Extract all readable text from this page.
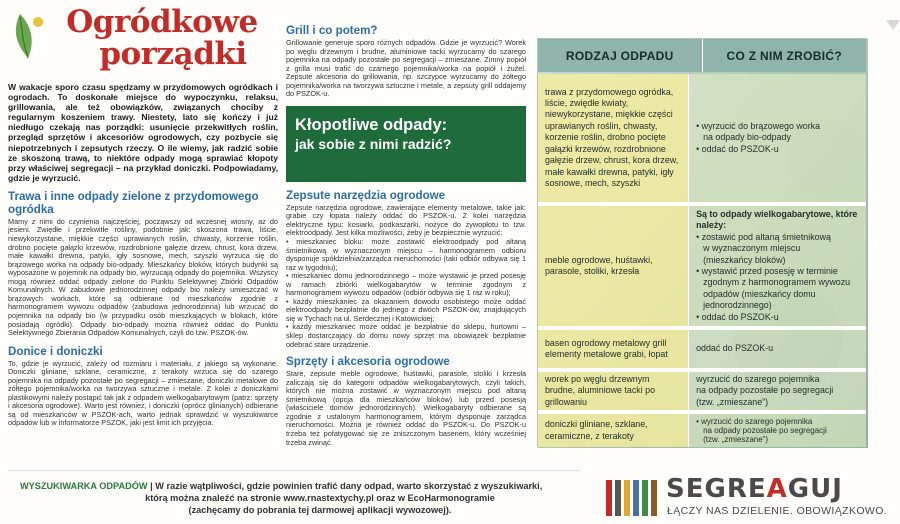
Ogródkowe
porządki

W wakacje sporo czasu spędzamy w przydomowych ogródkach i ogrodach. To doskonałe miejsce do wypoczynku, relaksu, grillowania, ale też obowiązków, związanych chociby z regularnym koszeniem trawy. Niestety, lato się kończy i już niedługo czekają nas porządki: usunięcie przekwitłych roślin, przegląd sprzętów i akcesoriów ogrodowych, czy pozbycie się niepotrzebnych i zepsutych rzeczy. O ile wiemy, jak radzić sobie ze skoszoną trawą, to niektóre odpady mogą sprawiać kłopoty przy właściwej segregacji – na przykład doniczki. Podpowiadamy, gdzie je wyrzucić.

Trawa i inne odpady zielone z przydomowego ogródka

Mamy z nimi do czynienia najczęściej, począwszy od wczesnej wiosny, aż do jesieni. Zwiędłe i przekwitłe rośliny, podobnie jak: skoszona trawa, liście, niewykorzystane, miękkie części uprawianych roślin, chwasty, korzenie roślin, drobno pocięte gałązki krzewów, rozdrobnione gałęzie drzew, chrust, kora drzew, małe kawałki drewna, patyki, igły sosnowe, mech, szyszki wyrzuca się do brązowego worka na odpady bio-odpady. Mieszkańcy bloków, których budynki są wyposażone w pojemnik na odpady bio, wyrzucają odpady do pojemnika. Wszyscy mogą również oddać odpady zielone do Punktu Selektywnej Zbiórki Odpadów Komunalnych. W zabudowie jednorodzinnej odpady bio należy umieszczać w brązowych workach, które są odbierane od mieszkańców zgodnie z harmonogramem wywozu odpadów (zabudowa jednorodzinna) lub wrzucać do pojemnika na odpady bio (w przypadku osób mieszkających w blokach, które posiadają ogródki). Odpady bio-odpady można również oddać do Punktu Selektywnego Zbierania Odpadów Komunalnych, czyli do tzw. PSZOK-ów.

Donice i doniczki

To, gdzie je wyrzucić, zależy od rozmiaru i materiału, z jakiego są wykonane. Doniczki gliniane, szklane, ceramiczne, z terakoty wrzuca się do szarego pojemnika na odpady pozostałe po segregacji – zmieszane, doniczki metalowe do żółtego pojemnika/worka na tworzywa sztuczne i metale. Z kolei z doniczkami plastikowymi należy postąpić tak jak z odpadem wielkogabarytowym (patrz: sprzęty i akcesoria ogrodowe). Warto jest również, i doniczki (oprócz glinianych) odbierane są od mieszkańców w PSZOK-ach, warto jednak sprawdzić w wyszukiwarce odpadów lub w informatorze PSZOK, jaki jest limit ich przyjęcia.

Grill i co potem?

Grillowanie generuje sporo różnych odpadów. Gdzie je wyrzucić? Worek po węglu drzewnym i brudne, aluminiowe tacki wyrzucamy do szarego pojemnika na odpady pozostałe po segregacji – zmieszane. Zimny popiół z grilla musi trafić do czarnego pojemnika/worka na popiół i żużel. Zepsute akcesoria do grillowania, np. szczypce wyrzucamy do żółtego pojemnika/worka na tworzywa sztuczne i metale, a zepsuty grill oddajemy do PSZOK-u.

Kłopotliwe odpady:
jak sobie z nimi radzić?
Zepsute narzędzia ogrodowe

Zepsute narzędzia ogrodowe, zawierające elementy metalowe, takie jak: grabie czy łopata należy oddać do PSZOK-u. Z kolei narzędzia elektryczne typu: kosiarki, podkaszarki, nożyce do żywopłotu to tzw. elektroodpady. Jest kilka możliwości, żeby je bezpiecznie wyrzucić:

• mieszkaniec bloku: może zostawić elektroodpady pod altaną śmietnikową w wyznaczonym miejscu – harmonogramem odbioru dysponuje spółdzielnia/zarządca nieruchomości (taki odbiór odbywa się 1 raz w tygodniu);
• mieszkaniec domu jednorodzinnego – może wystawić je przed posesję w ramach zbiórki wielkogabarytów w terminie zgodnym z harmonogramem wywozu odpadów (odbiór odbywa się 1 raz w roku);
• każdy mieszkaniec za okazaniem dowodu osobistego może oddać elektroodpady bezpłatnie do jednego z dwóch PSZOK-ów, znajdujących się w Tychach na ul. Serdecznej i Katowickiej;
• każdy mieszkaniec może oddać je bezpłatnie do sklepu, hurtowni – sklep dostarczający do domu nowy sprzęt ma obowiązek bezpłatnie odebrać stare urządzenie.

Sprzęty i akcesoria ogrodowe

Stare, zepsute meble ogrodowe, huśtawki, parasole, stoliki i krzesła zaliczają się do kategorii odpadów wielkogabarytowych, czyli takich, których nie można zostawić w wyznaczonym miejscu pod altaną śmietnikową (opcja dla mieszkańców bloków) lub przed posesją (właściciele domów jednorodzinnych). Wielkogabaryty odbierane są zgodnie z ustalonym harmonogramem, którym dysponuje zarządca nieruchomości. Można je również oddać do PSZOK-u. Do PSZOK-u trzeba też pofatygować się ze zniszczonym basenem, który wcześniej trzeba zwinąć.

RODZAJ ODPADU	CO Z NIM ZROBIĆ?
trawa z przydomowego ogródka, liście, zwiędłe kwiaty, niewykorzystane, miękkie części uprawianych roślin, chwasty, korzenie roślin, drobno pocięte gałązki krzewów, rozdrobnione gałęzie drzew, chrust, kora drzew, małe kawałki drewna, patyki, igły sosnowe, mech, szyszki
• wyrzucić do brązowego worka
na odpady bio-odpady
• oddać do PSZOK-u
meble ogrodowe, huśtawki, parasole, stoliki, krzesła
Są to odpady wielkogabarytowe, które należy:
• zostawić pod altaną śmietnikową
w wyznaczonym miejscu
(mieszkańcy bloków)
• wystawić przed posesję w terminie
zgodnym z harmonogramem wywozu
odpadów (mieszkańcy domu
jednorodzinnego)
• oddać do PSZOK-u
basen ogrodowy metalowy grill elementy metalowe grabi, łopat
oddać do PSZOK-u
worek po węglu drzewnym brudne, aluminiowe tacki po grillowaniu
wyrzucić do szarego pojemnika
na odpady pozostałe po segregacji
(tzw. „zmieszane”)
doniczki gliniane, szklane, ceramiczne, z terakoty
• wyrzucić do szarego pojemnika
na odpady pozostałe po segregacji
(tzw. „zmieszane”)
WYSZUKIWARKA ODPADÓW | W razie wątpliwości, gdzie powinien trafić dany odpad, warto skorzystać z wyszukiwarki,
którą można znaleźć na stronie www.rnastextychy.pl oraz w EcoHarmonogramie
(zachęcamy do pobrania tej darmowej aplikacji wywozowej).
SEGREAGUJ
ŁĄCZY NAS DZIELENIE. OBOWIĄZKOWO.
